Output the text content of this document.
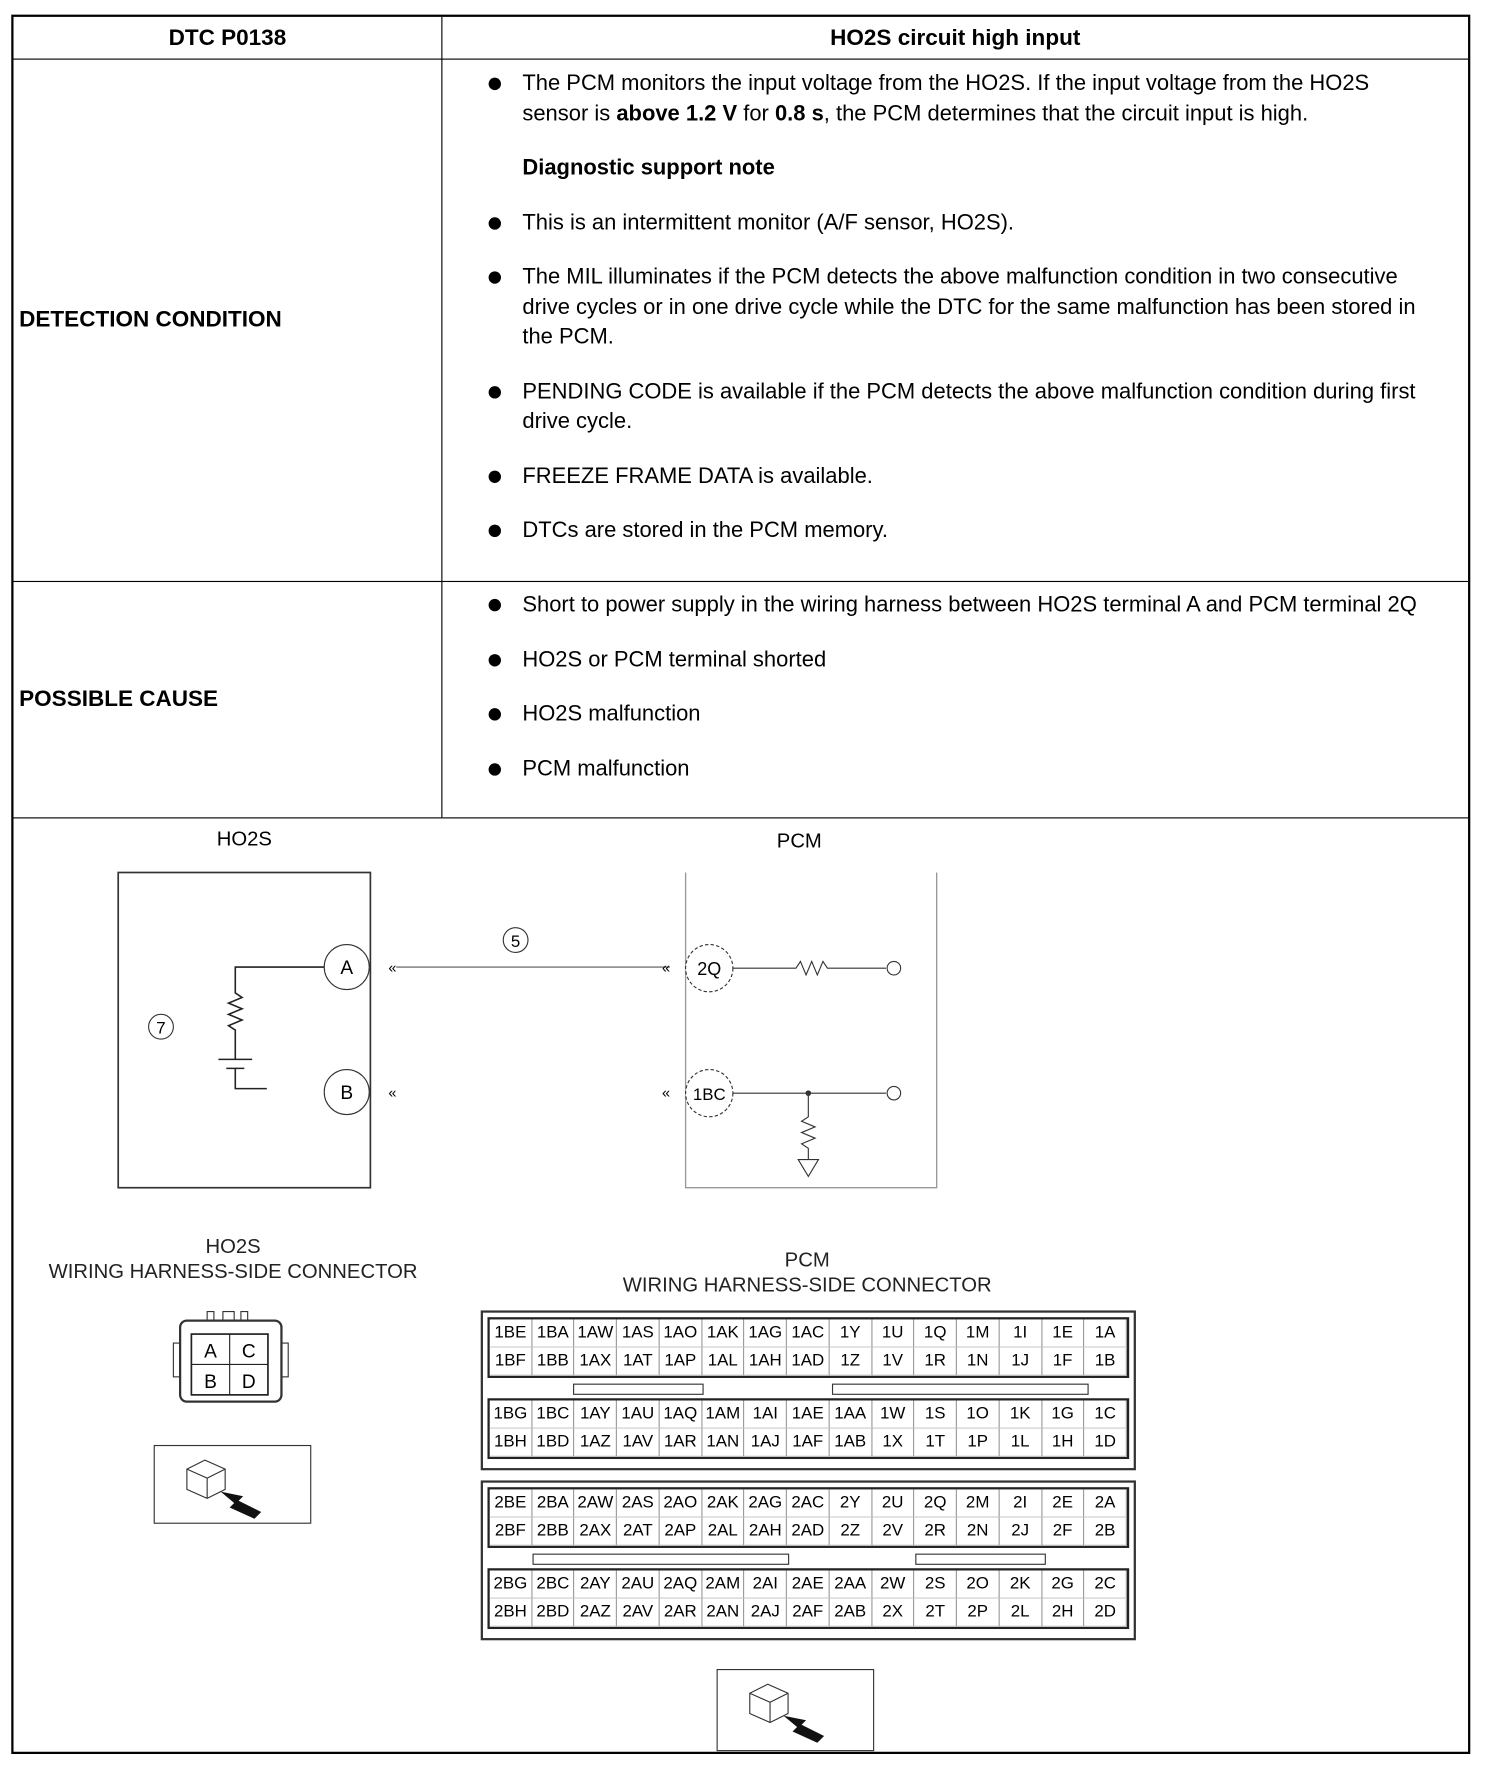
DTC P0138	HO2S circuit high input
DETECTION CONDITION
The PCM monitors the input voltage from the HO2S. If the input voltage from the HO2S sensor is above 1.2 V for 0.8 s, the PCM determines that the circuit input is high.
Diagnostic support note
This is an intermittent monitor (A/F sensor, HO2S).
The MIL illuminates if the PCM detects the above malfunction condition in two consecutive drive cycles or in one drive cycle while the DTC for the same malfunction has been stored in the PCM.
PENDING CODE is available if the PCM detects the above malfunction condition during first drive cycle.
FREEZE FRAME DATA is available.
DTCs are stored in the PCM memory.
POSSIBLE CAUSE
Short to power supply in the wiring harness between HO2S terminal A and PCM terminal 2Q
HO2S or PCM terminal shorted
HO2S malfunction
PCM malfunction
HO2S	PCM
A
B
7
«
«
5
«
«
2Q
1BC
HO2S
WIRING HARNESS-SIDE CONNECTOR
A C
B D
PCM
WIRING HARNESS-SIDE CONNECTOR
1BE 1BA 1AW 1AS 1AO 1AK 1AG 1AC	1Y	1U	1Q	1M	1I	1E	1A
1BF 1BB 1AX 1AT 1AP 1AL 1AH 1AD	1Z	1V	1R	1N	1J	1F	1B
1BG 1BC 1AY 1AU 1AQ 1AM 1AI 1AE 1AA 1W	1S	1O	1K	1G	1C
1BH 1BD 1AZ 1AV 1AR 1AN 1AJ 1AF 1AB	1X	1T	1P	1L	1H	1D
2BE 2BA 2AW 2AS 2AO 2AK 2AG 2AC	2Y	2U	2Q	2M	2I	2E	2A
2BF 2BB 2AX 2AT 2AP 2AL 2AH 2AD	2Z	2V	2R	2N	2J	2F	2B
2BG 2BC 2AY 2AU 2AQ 2AM 2AI 2AE 2AA 2W	2S	2O	2K	2G	2C
2BH 2BD 2AZ 2AV 2AR 2AN 2AJ 2AF 2AB	2X	2T	2P	2L	2H	2D
